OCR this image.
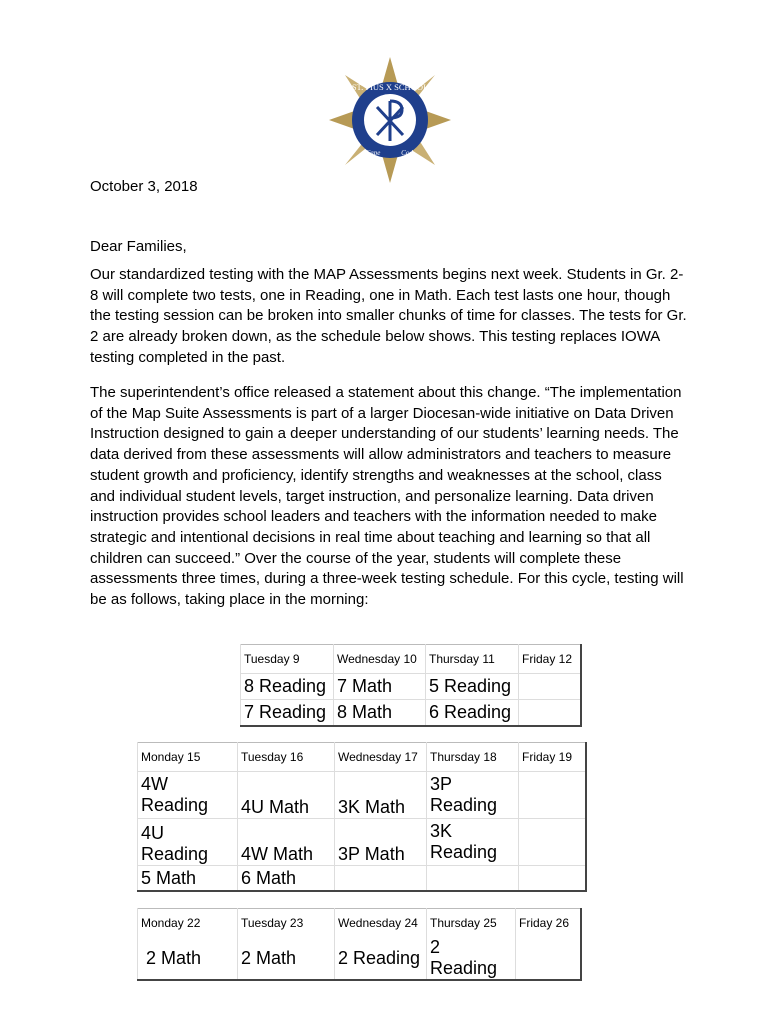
ST. PIUS X SCHOOL
Cape	Cod
October 3, 2018
Dear Families,

Our standardized testing with the MAP Assessments begins next week. Students in Gr. 2-8 will complete two tests, one in Reading, one in Math. Each test lasts one hour, though the testing session can be broken into smaller chunks of time for classes. The tests for Gr. 2 are already broken down, as the schedule below shows. This testing replaces IOWA testing completed in the past.

The superintendent’s office released a statement about this change. “The implementation of the Map Suite Assessments is part of a larger Diocesan-wide initiative on Data Driven Instruction designed to gain a deeper understanding of our students’ learning needs. The data derived from these assessments will allow administrators and teachers to measure student growth and proficiency, identify strengths and weaknesses at the school, class and individual student levels, target instruction, and personalize learning. Data driven instruction provides school leaders and teachers with the information needed to make strategic and intentional decisions in real time about teaching and learning so that all children can succeed.” Over the course of the year, students will complete these assessments three times, during a three-week testing schedule. For this cycle, testing will be as follows, taking place in the morning:

Tuesday 9	Wednesday 10	Thursday 11	Friday 12
8 Reading	7 Math	5 Reading	
7 Reading	8 Math	6 Reading	
Monday 15	Tuesday 16	Wednesday 17	Thursday 18	Friday 19
4W Reading	4U Math	3K Math	3P Reading	
4U Reading	4W Math	3P Math	3K Reading	
5 Math	6 Math			
Monday 22	Tuesday 23	Wednesday 24	Thursday 25	Friday 26
2 Math	2 Math	2 Reading	2 Reading	
